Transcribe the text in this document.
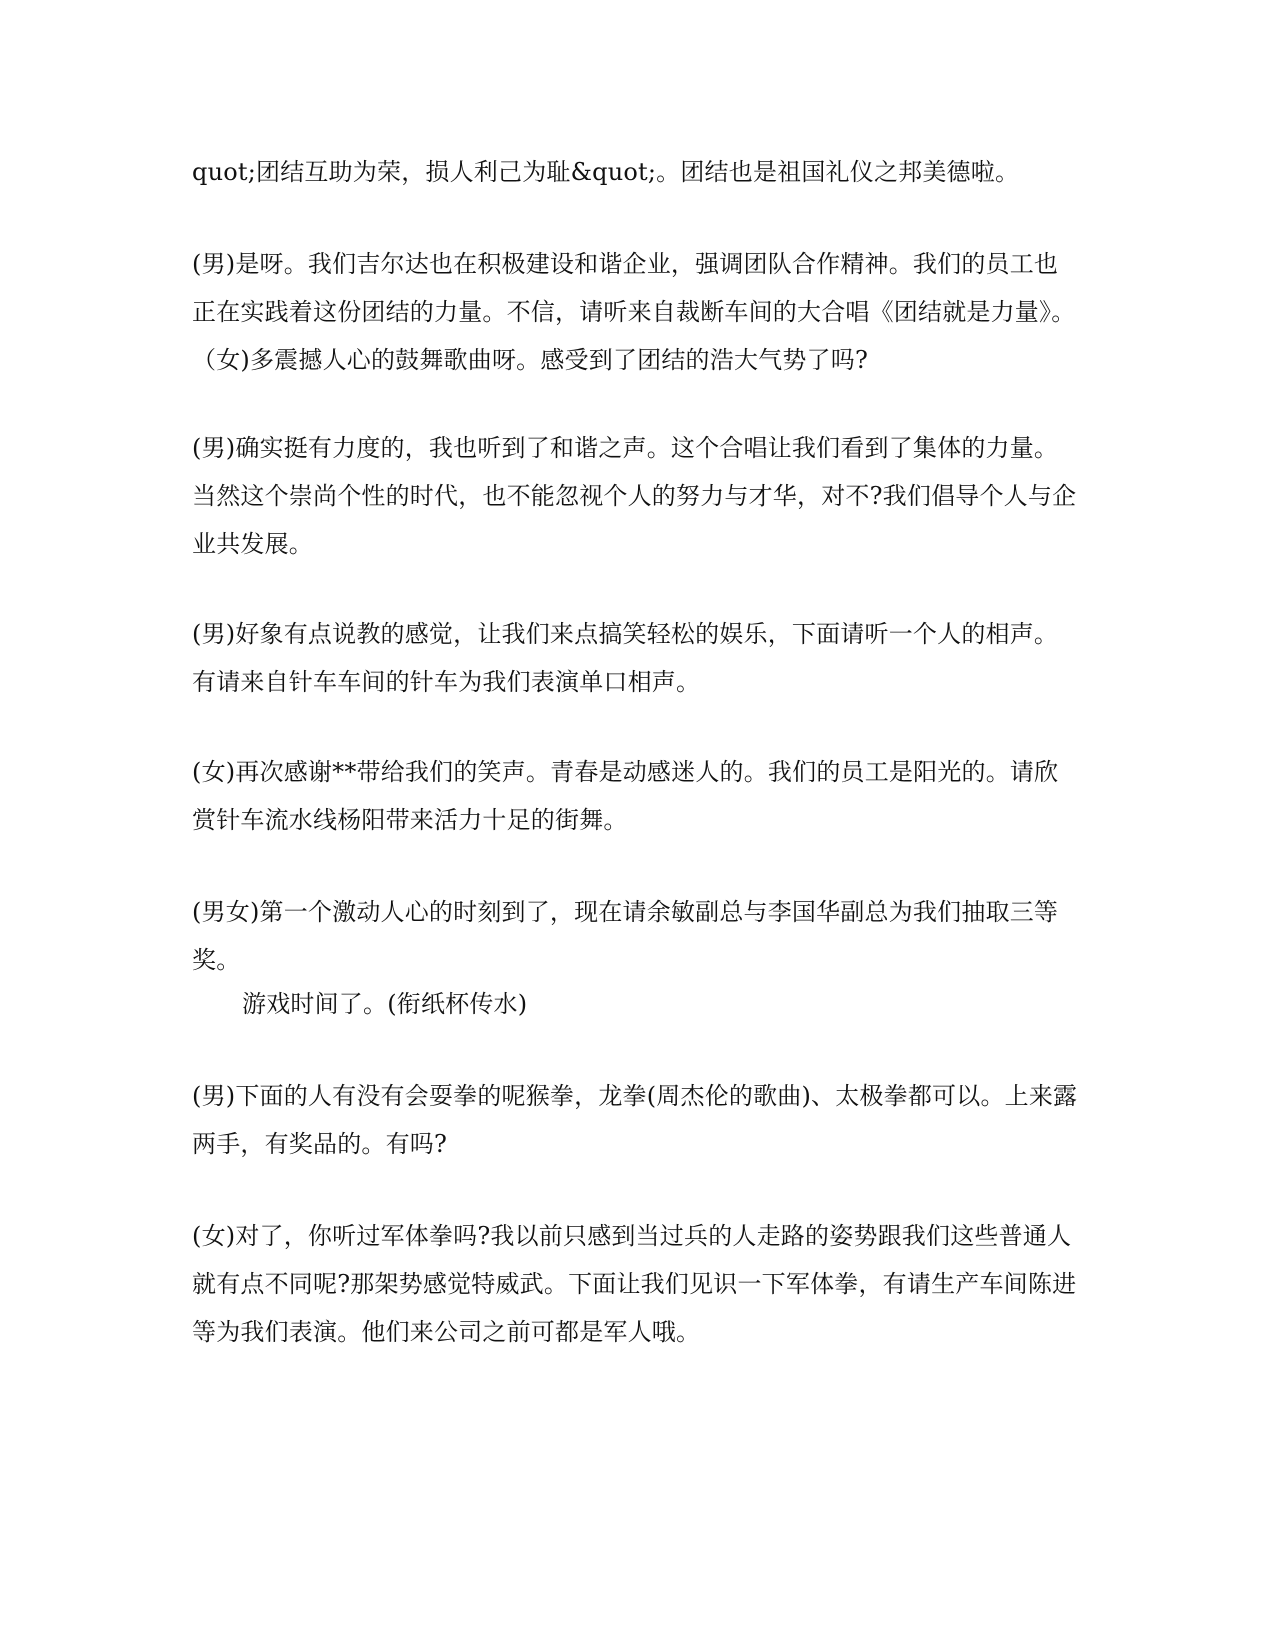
quot;团结互助为荣，损人利己为耻&quot;。团结也是祖国礼仪之邦美德啦。

(男)是呀。我们吉尔达也在积极建设和谐企业，强调团队合作精神。我们的员工也正在实践着这份团结的力量。不信，请听来自裁断车间的大合唱《团结就是力量》。（女)多震撼人心的鼓舞歌曲呀。感受到了团结的浩大气势了吗?

(男)确实挺有力度的，我也听到了和谐之声。这个合唱让我们看到了集体的力量。当然这个崇尚个性的时代，也不能忽视个人的努力与才华，对不?我们倡导个人与企业共发展。

(男)好象有点说教的感觉，让我们来点搞笑轻松的娱乐，下面请听一个人的相声。有请来自针车车间的针车为我们表演单口相声。

(女)再次感谢**带给我们的笑声。青春是动感迷人的。我们的员工是阳光的。请欣赏针车流水线杨阳带来活力十足的街舞。

(男女)第一个激动人心的时刻到了，现在请余敏副总与李国华副总为我们抽取三等奖。

游戏时间了。(衔纸杯传水)

(男)下面的人有没有会耍拳的呢猴拳，龙拳(周杰伦的歌曲)、太极拳都可以。上来露两手，有奖品的。有吗?

(女)对了，你听过军体拳吗?我以前只感到当过兵的人走路的姿势跟我们这些普通人就有点不同呢?那架势感觉特威武。下面让我们见识一下军体拳，有请生产车间陈进等为我们表演。他们来公司之前可都是军人哦。
